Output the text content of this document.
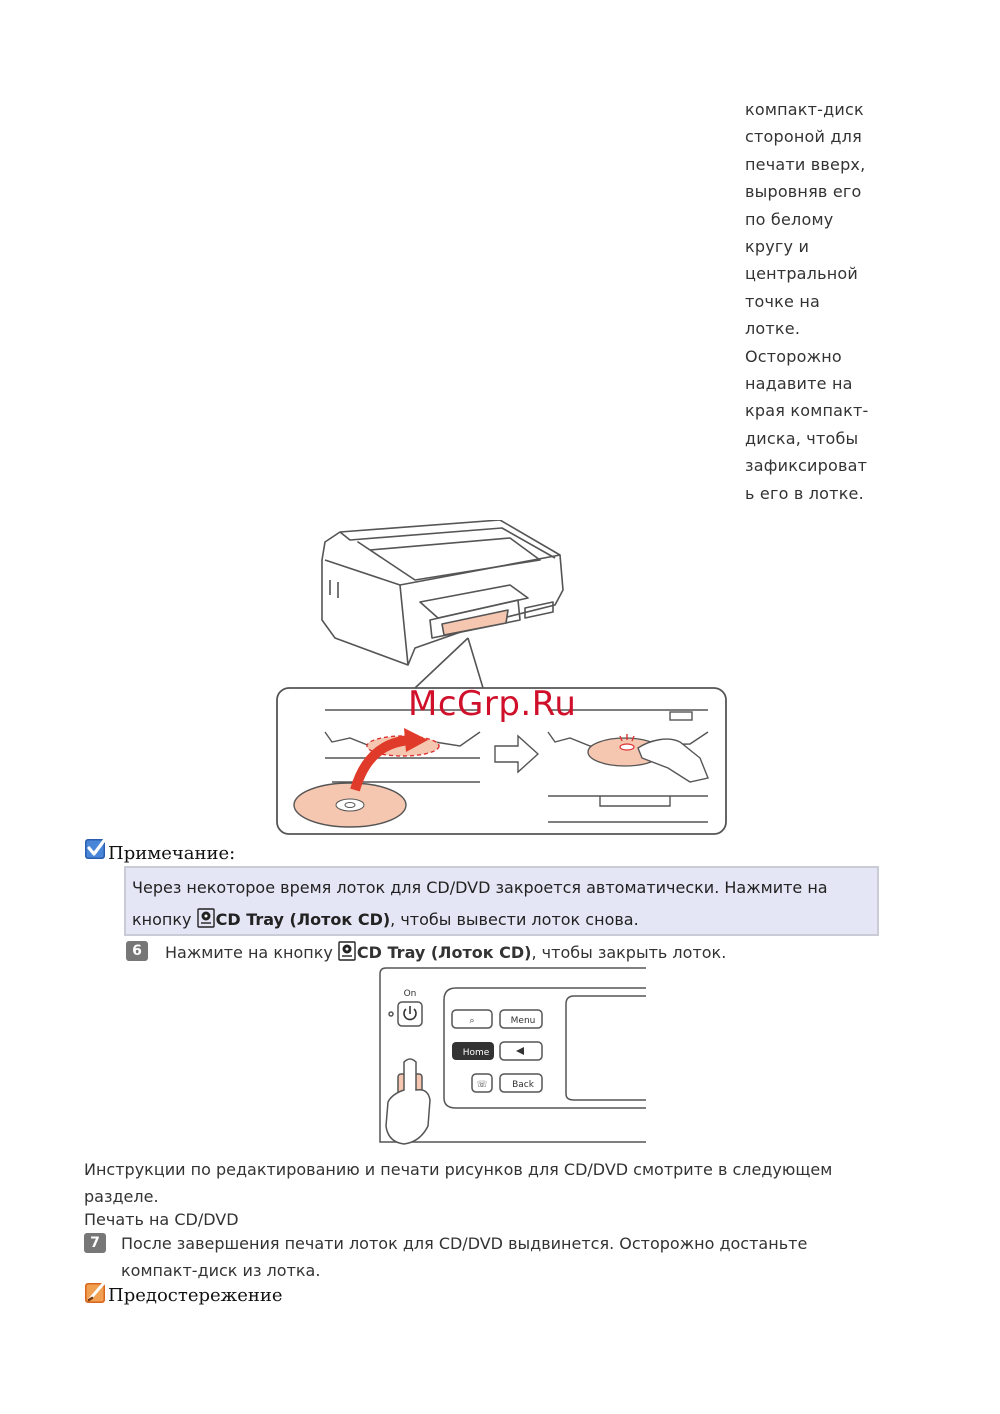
компакт-диск
стороной для
печати вверх,
выровняв его
по белому
кругу и
центральной
точке на
лотке.
Осторожно
надавите на
края компакт-
диска, чтобы
зафиксироват
ь его в лотке.
McGrp.Ru
Примечание:
Через некоторое время лоток для CD/DVD закроется автоматически. Нажмите на
кнопку CD Tray (Лоток CD), чтобы вывести лоток снова.
6	Нажмите на кнопку CD Tray (Лоток CD), чтобы закрыть лоток.
On
⌕	Menu
Home
☏	Back
Инструкции по редактированию и печати рисунков для CD/DVD смотрите в следующем
разделе.
Печать на CD/DVD
7	После завершения печати лоток для CD/DVD выдвинется. Осторожно достаньте
компакт-диск из лотка.
Предостережение
